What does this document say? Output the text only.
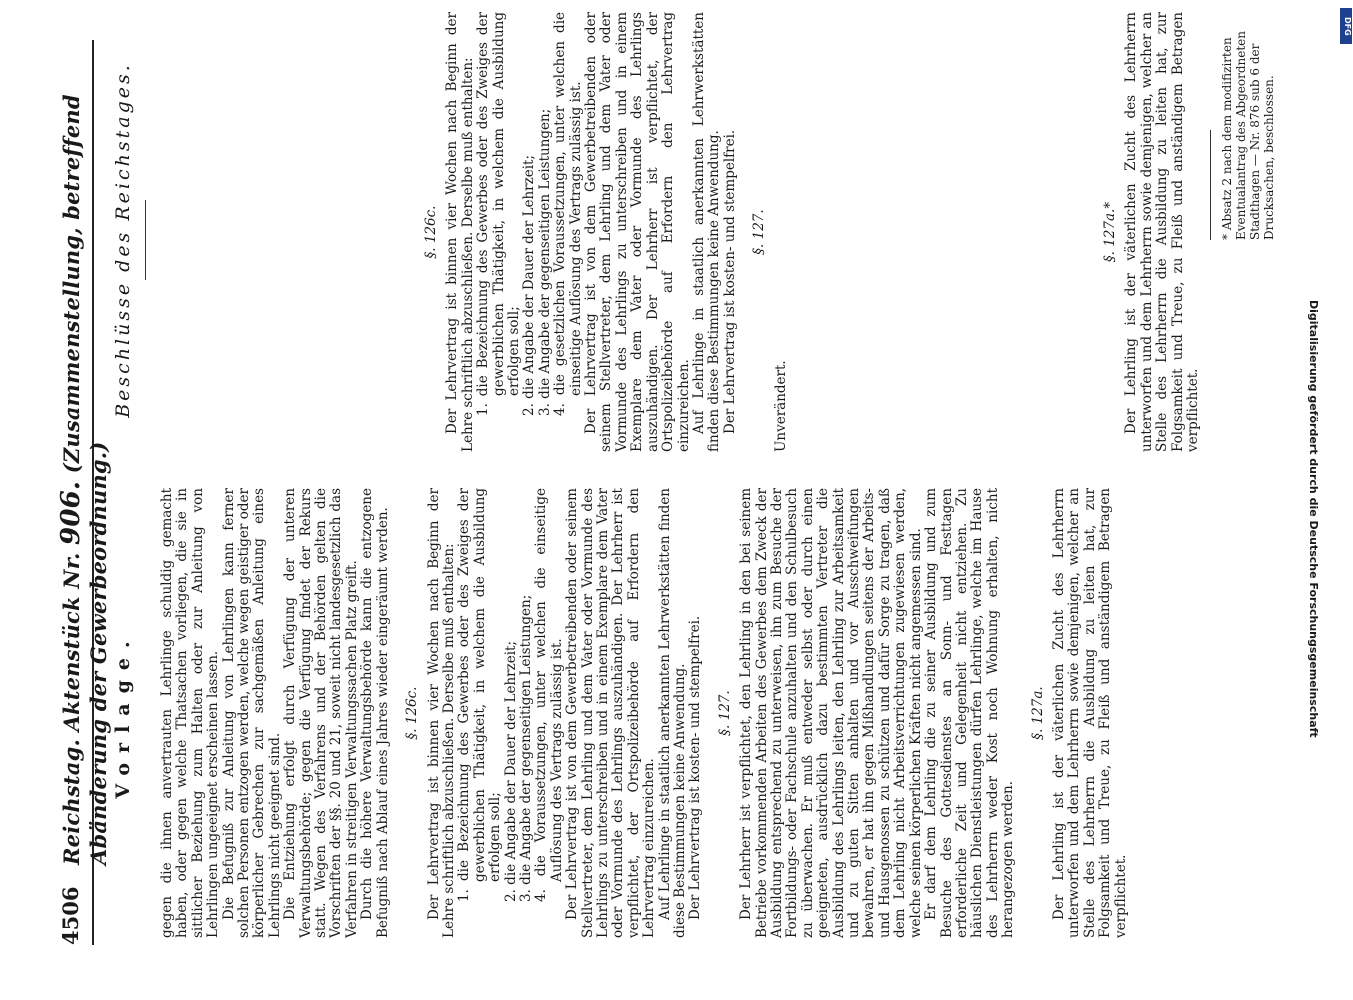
4506
Reichstag. Aktenstück Nr. 906. (Zusammenstellung, betreffend Abänderung der Gewerbeordnung.) Vorlage.
Beschlüsse des Reichstages.

gegen die ihnen anvertrauten Lehrlinge schuldig gemacht haben, oder gegen welche Thatsachen vorliegen, die sie in sittlicher Beziehung zum Halten oder zur Anleitung von Lehrlingen ungeeignet erscheinen lassen. Die Befugniß zur Anleitung von Lehrlingen kann ferner solchen Personen entzogen werden, welche wegen geistiger oder körperlicher Gebrechen zur sachgemäßen Anleitung eines Lehrlings nicht geeignet sind. Die Entziehung erfolgt durch Verfügung der unteren Verwaltungsbehörde; gegen die Verfügung findet der Rekurs statt. Wegen des Verfahrens und der Behörden gelten die Vorschriften der §§. 20 und 21, soweit nicht landesgesetzlich das Verfahren in streitigen Verwaltungssachen Platz greift. Durch die höhere Verwaltungsbehörde kann die entzogene Befugniß nach Ablauf eines Jahres wieder eingeräumt werden. §. 126c. Der Lehrvertrag ist binnen vier Wochen nach Beginn der Lehre schriftlich abzuschließen. Derselbe muß enthalten: 1. die Bezeichnung des Gewerbes oder des Zweiges der gewerblichen Thätigkeit, in welchem die Ausbildung erfolgen soll; 2. die Angabe der Dauer der Lehrzeit; 3. die Angabe der gegenseitigen Leistungen; 4. die Voraussetzungen, unter welchen die einseitige Auflösung des Vertrags zulässig ist. Der Lehrvertrag ist von dem Gewerbetreibenden oder seinem Stellvertreter, dem Lehrling und dem Vater oder Vormunde des Lehrlings zu unterschreiben und in einem Exemplare dem Vater oder Vormunde des Lehrlings auszuhändigen. Der Lehrherr ist verpflichtet, der Ortspolizeibehörde auf Erfordern den Lehrvertrag einzureichen. Auf Lehrlinge in staatlich anerkannten Lehrwerkstätten finden diese Bestimmungen keine Anwendung. Der Lehrvertrag ist kosten- und stempelfrei. §. 127. Der Lehrherr ist verpflichtet, den Lehrling in den bei seinem Betriebe vorkommenden Arbeiten des Gewerbes dem Zweck der Ausbildung entsprechend zu unterweisen, ihn zum Besuche der Fortbildungs- oder Fachschule anzuhalten und den Schulbesuch zu überwachen. Er muß entweder selbst oder durch einen geeigneten, ausdrücklich dazu bestimmten Vertreter die Ausbildung des Lehrlings leiten, den Lehrling zur Arbeitsamkeit und zu guten Sitten anhalten und vor Ausschweifungen bewahren, er hat ihn gegen Mißhandlungen seitens der Arbeits- und Hausgenossen zu schützen und dafür Sorge zu tragen, daß dem Lehrling nicht Arbeitsverrichtungen zugewiesen werden, welche seinen körperlichen Kräften nicht angemessen sind. Er darf dem Lehrling die zu seiner Ausbildung und zum Besuche des Gottesdienstes an Sonn- und Festtagen erforderliche Zeit und Gelegenheit nicht entziehen. Zu häuslichen Dienstleistungen dürfen Lehrlinge, welche im Hause des Lehrherrn weder Kost noch Wohnung erhalten, nicht herangezogen werden.

§. 127a. Der Lehrling ist der väterlichen Zucht des Lehrherrn unterworfen und dem Lehrherrn sowie demjenigen, welcher an Stelle des Lehrherrn die Ausbildung zu leiten hat, zur Folgsamkeit und Treue, zu Fleiß und anständigem Betragen verpflichtet.

§. 126c. Der Lehrvertrag ist binnen vier Wochen nach Beginn der Lehre schriftlich abzuschließen. Derselbe muß enthalten: 1. die Bezeichnung des Gewerbes oder des Zweiges der gewerblichen Thätigkeit, in welchem die Ausbildung erfolgen soll; 2. die Angabe der Dauer der Lehrzeit; 3. die Angabe der gegenseitigen Leistungen; 4. die gesetzlichen Voraussetzungen, unter welchen die einseitige Auflösung des Vertrags zulässig ist. Der Lehrvertrag ist von dem Gewerbetreibenden oder seinem Stellvertreter, dem Lehrling und dem Vater oder Vormunde des Lehrlings zu unterschreiben und in einem Exemplare dem Vater oder Vormunde des Lehrlings auszuhändigen. Der Lehrherr ist verpflichtet, der Ortspolizeibehörde auf Erfordern den Lehrvertrag einzureichen. Auf Lehrlinge in staatlich anerkannten Lehrwerkstätten finden diese Bestimmungen keine Anwendung. Der Lehrvertrag ist kosten- und stempelfrei. §. 127.

Unverändert.

§. 127a.* Der Lehrling ist der väterlichen Zucht des Lehrherrn unterworfen und dem Lehrherrn sowie demjenigen, welcher an Stelle des Lehrherrn die Ausbildung zu leiten hat, zur Folgsamkeit und Treue, zu Fleiß und anständigem Betragen verpflichtet.

* Absatz 2 nach dem modifizirten Eventualantrag des Abgeordneten Stadthagen — Nr. 876 sub 6 der Drucksachen, beschlossen.
Digitalisierung gefördert durch die Deutsche Forschungsgemeinschaft
DFG
